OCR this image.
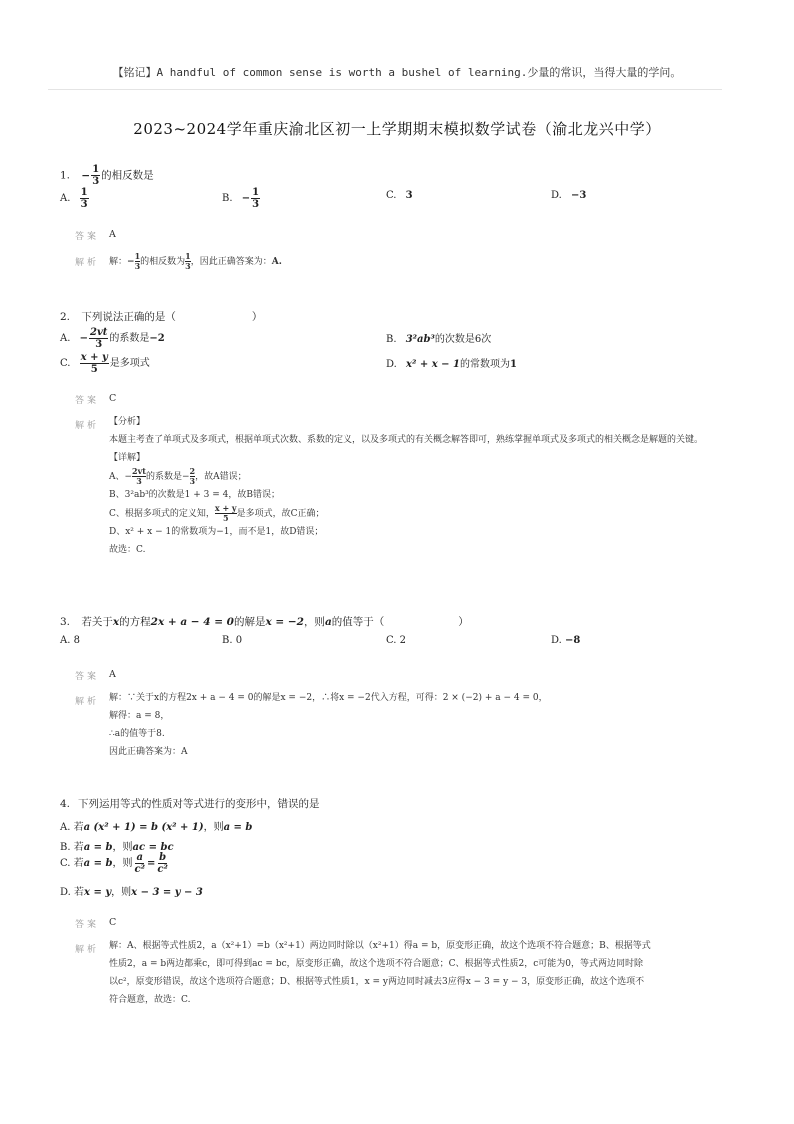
【铭记】A handful of common sense is worth a bushel of learning.少量的常识，当得大量的学问。
2023~2024学年重庆渝北区初一上学期期末模拟数学试卷（渝北龙兴中学）
1. − $\frac{1}{3}$ 的相反数是
A. $\frac{1}{3}$	B. − $\frac{1}{3}$	C. 3	D. −3
答案 A
解析 解：− $\frac{1}{3}$ 的相反数为 $\frac{1}{3}$ ，因此正确答案为：A.
2. 下列说法正确的是（	）
A. − $\frac{2vt}{3}$ 的系数是−2	B. 3²ab³的次数是6次
C. $\frac{x + y}{5}$ 是多项式	D. x² + x − 1的常数项为1
答案 C
解析 【分析】
本题主考查了单项式及多项式，根据单项式次数、系数的定义，以及多项式的有关概念解答即可，熟练掌握单项式及多项式的相关概念是解题的关键。
【详解】
A、− $\frac{2vt}{3}$ 的系数是− $\frac{2}{3}$ ，故A错误；
B、3²ab³的次数是1 + 3 = 4，故B错误；
C、根据多项式的定义知， $\frac{x + y}{5}$ 是多项式，故C正确；
D、x² + x − 1的常数项为−1，而不是1，故D错误；
故选：C.
3. 若关于x的方程2x + a − 4 = 0的解是x = −2，则a的值等于（	）
A. 8	B. 0	C. 2	D. −8
答案 A
解析 解：∵关于x的方程2x + a − 4 = 0的解是x = −2，∴将x = −2代入方程，可得：2 × (−2) + a − 4 = 0，
解得：a = 8，
∴a的值等于8.
因此正确答案为：A
4. 下列运用等式的性质对等式进行的变形中，错误的是
A. 若a (x² + 1) = b (x² + 1)，则a = b
B. 若a = b，则ac = bc
C. 若a = b，则 $\frac{a}{\text{c²}} = \frac{b}{\text{c²}}$
D. 若x = y，则x − 3 = y − 3
答案 C
解析 解：A、根据等式性质2，a（x²+1）=b（x²+1）两边同时除以（x²+1）得a = b，原变形正确，故这个选项不符合题意；B、根据等式
性质2，a = b两边都乘c，即可得到ac = bc，原变形正确，故这个选项不符合题意；C、根据等式性质2，c可能为0，等式两边同时除
以c²，原变形错误，故这个选项符合题意；D、根据等式性质1，x = y两边同时减去3应得x − 3 = y − 3，原变形正确，故这个选项不
符合题意，故选：C.
